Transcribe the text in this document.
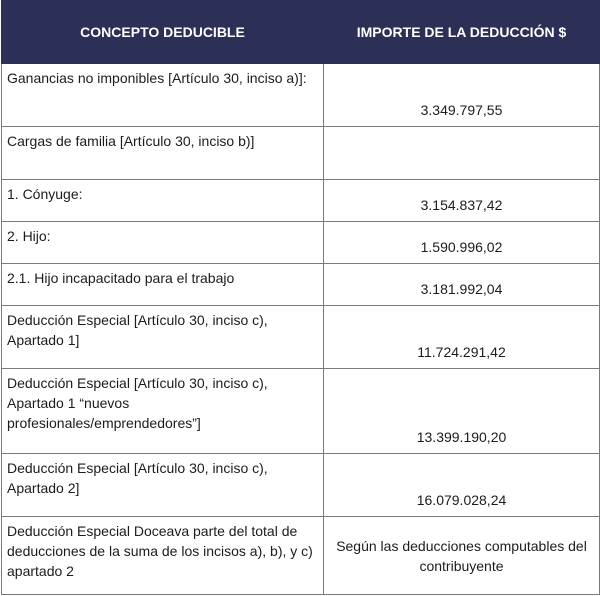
CONCEPTO DEDUCIBLE	IMPORTE DE LA DEDUCCIÓN $
Ganancias no imponibles [Artículo 30, inciso a)]:	3.349.797,55
Cargas de familia [Artículo 30, inciso b)]	
1. Cónyuge:	3.154.837,42
2. Hijo:	1.590.996,02
2.1. Hijo incapacitado para el trabajo	3.181.992,04
Deducción Especial [Artículo 30, inciso c), Apartado 1]	11.724.291,42
Deducción Especial [Artículo 30, inciso c), Apartado 1 “nuevos profesionales/emprendedores”]	13.399.190,20
Deducción Especial [Artículo 30, inciso c), Apartado 2]	16.079.028,24
Deducción Especial Doceava parte del total de deducciones de la suma de los incisos a), b), y c) apartado 2	Según las deducciones computables del contribuyente
